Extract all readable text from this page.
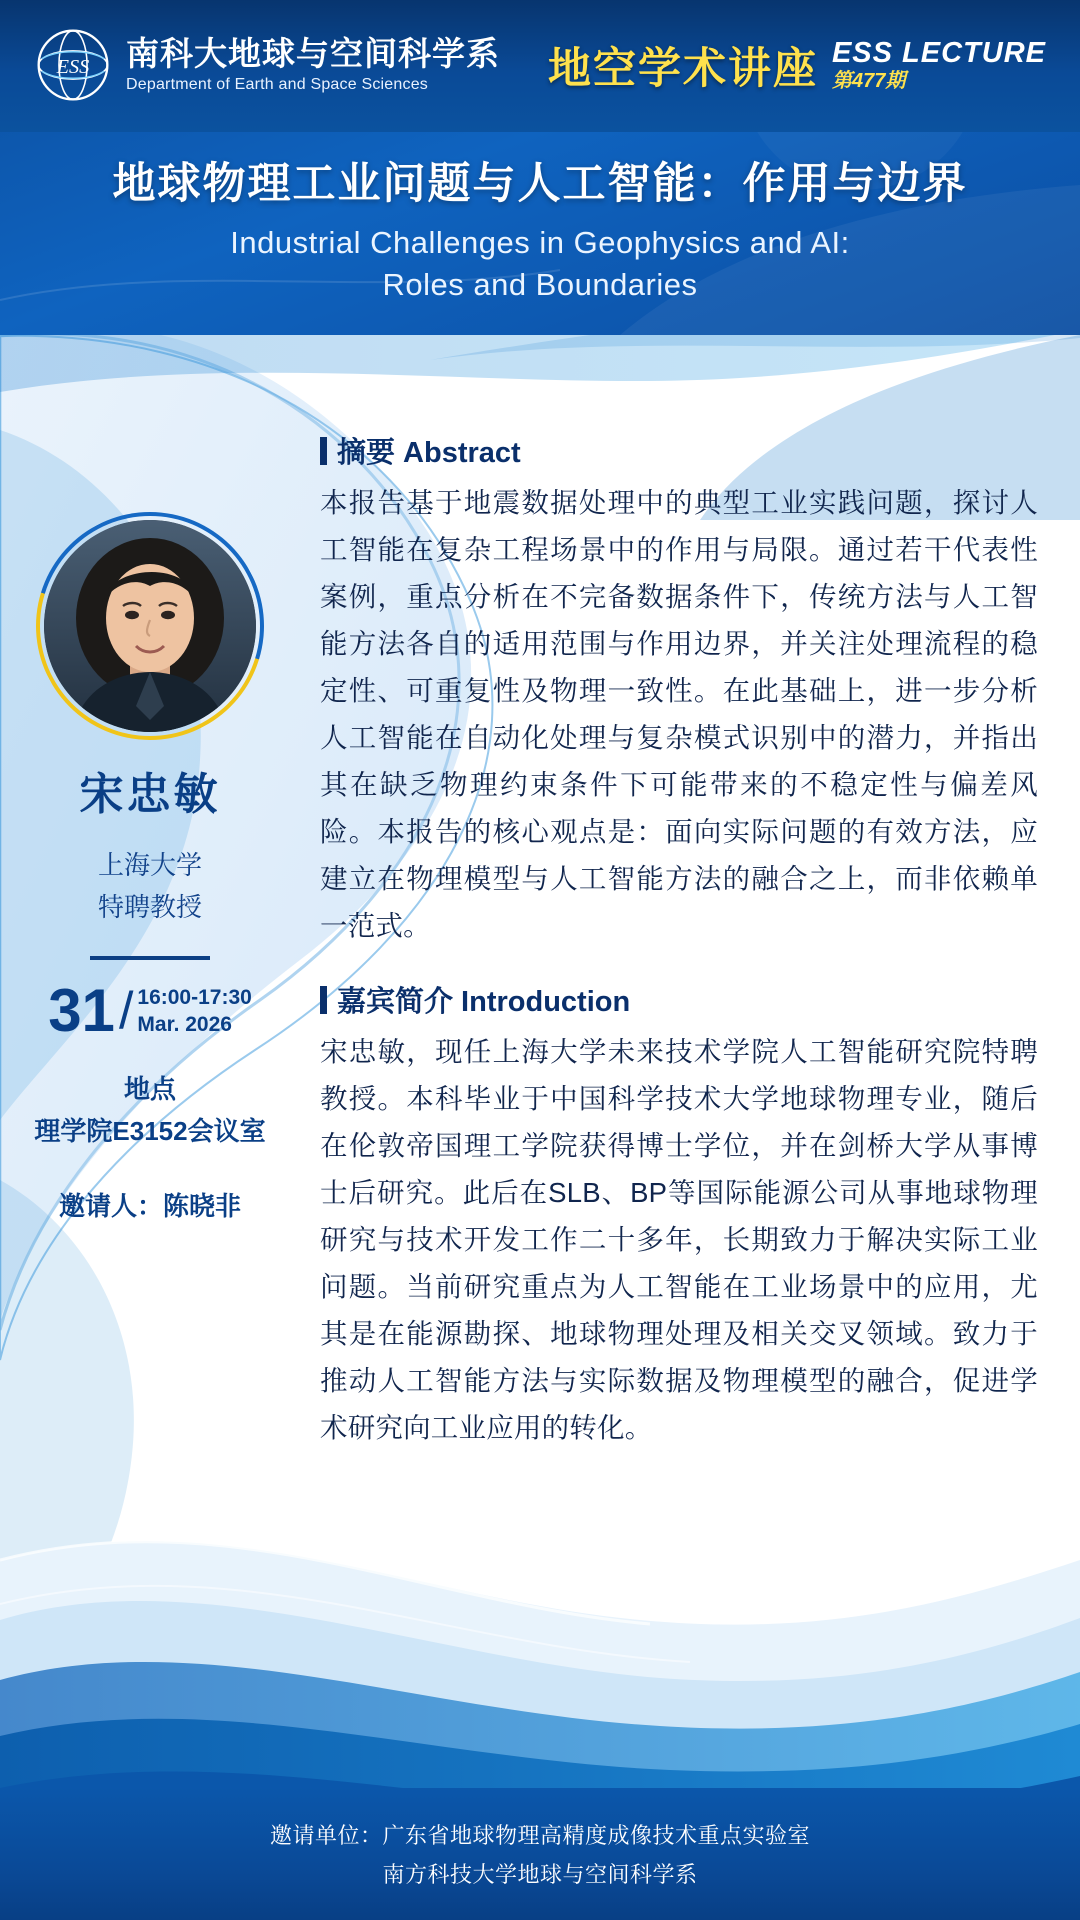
ESS 南科大地球与空间科学系
Department of Earth and Space Sciences	地空学术讲座 ESS LECTURE
第477期
地球物理工业问题与人工智能：作用与边界
Industrial Challenges in Geophysics and AI:
Roles and Boundaries
宋忠敏
上海大学
特聘教授
31 / 16:00-17:30
Mar. 2026
地点
理学院E3152会议室
邀请人：陈晓非
摘要 Abstract
本报告基于地震数据处理中的典型工业实践问题，探讨人工智能在复杂工程场景中的作用与局限。通过若干代表性案例，重点分析在不完备数据条件下，传统方法与人工智能方法各自的适用范围与作用边界，并关注处理流程的稳定性、可重复性及物理一致性。在此基础上，进一步分析人工智能在自动化处理与复杂模式识别中的潜力，并指出其在缺乏物理约束条件下可能带来的不稳定性与偏差风险。本报告的核心观点是：面向实际问题的有效方法，应建立在物理模型与人工智能方法的融合之上，而非依赖单一范式。
嘉宾简介 Introduction
宋忠敏，现任上海大学未来技术学院人工智能研究院特聘教授。本科毕业于中国科学技术大学地球物理专业，随后在伦敦帝国理工学院获得博士学位，并在剑桥大学从事博士后研究。此后在SLB、BP等国际能源公司从事地球物理研究与技术开发工作二十多年，长期致力于解决实际工业问题。当前研究重点为人工智能在工业场景中的应用，尤其是在能源勘探、地球物理处理及相关交叉领域。致力于推动人工智能方法与实际数据及物理模型的融合，促进学术研究向工业应用的转化。
邀请单位：广东省地球物理高精度成像技术重点实验室
南方科技大学地球与空间科学系
